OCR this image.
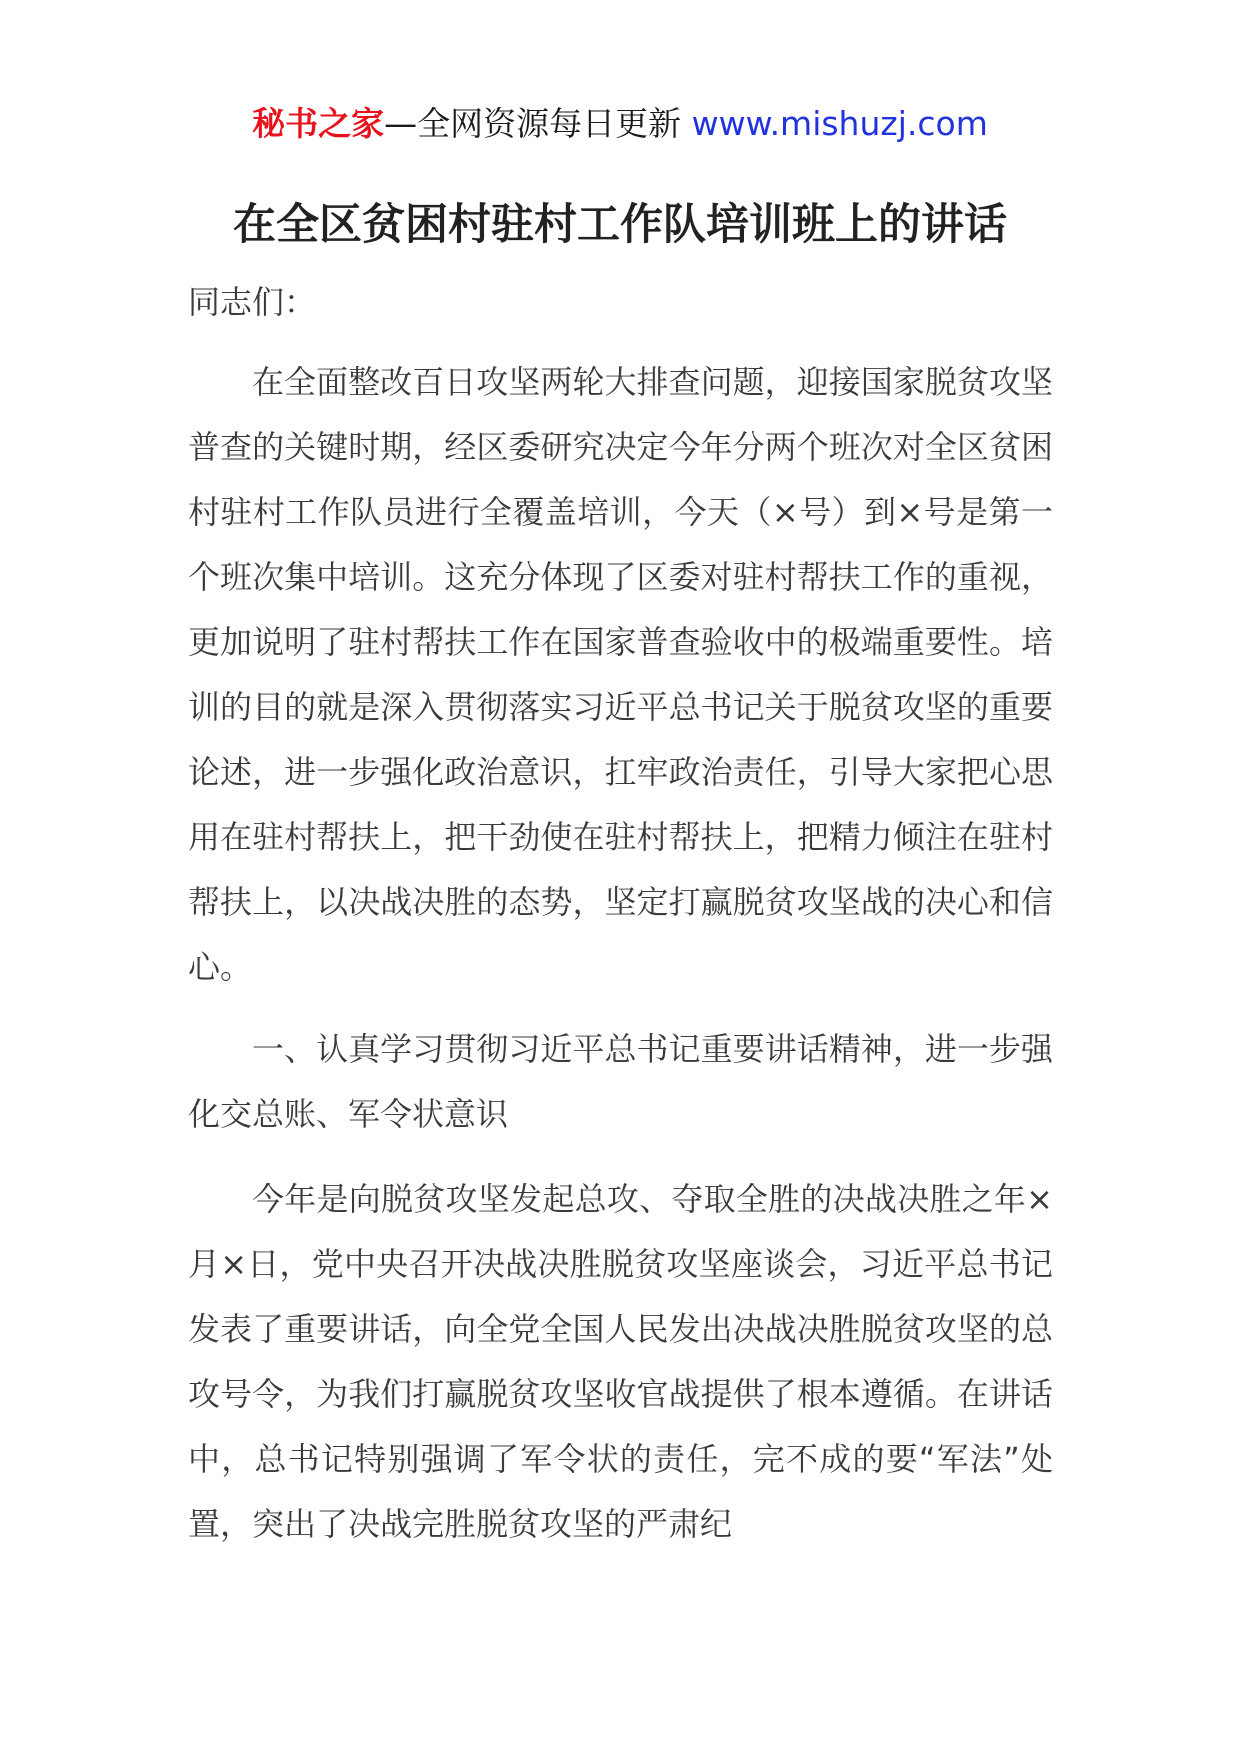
秘书之家—全网资源每日更新 www.mishuzj.com
在全区贫困村驻村工作队培训班上的讲话

同志们：

在全面整改百日攻坚两轮大排查问题，迎接国家脱贫攻坚普查的关键时期，经区委研究决定今年分两个班次对全区贫困村驻村工作队员进行全覆盖培训，今天（×号）到×号是第一个班次集中培训。这充分体现了区委对驻村帮扶工作的重视，更加说明了驻村帮扶工作在国家普查验收中的极端重要性。培训的目的就是深入贯彻落实习近平总书记关于脱贫攻坚的重要论述，进一步强化政治意识，扛牢政治责任，引导大家把心思用在驻村帮扶上，把干劲使在驻村帮扶上，把精力倾注在驻村帮扶上，以决战决胜的态势，坚定打赢脱贫攻坚战的决心和信心。

一、认真学习贯彻习近平总书记重要讲话精神，进一步强化交总账、军令状意识

今年是向脱贫攻坚发起总攻、夺取全胜的决战决胜之年×月×日，党中央召开决战决胜脱贫攻坚座谈会，习近平总书记发表了重要讲话，向全党全国人民发出决战决胜脱贫攻坚的总攻号令，为我们打赢脱贫攻坚收官战提供了根本遵循。在讲话中，总书记特别强调了军令状的责任，完不成的要“军法”处置，突出了决战完胜脱贫攻坚的严肃纪
